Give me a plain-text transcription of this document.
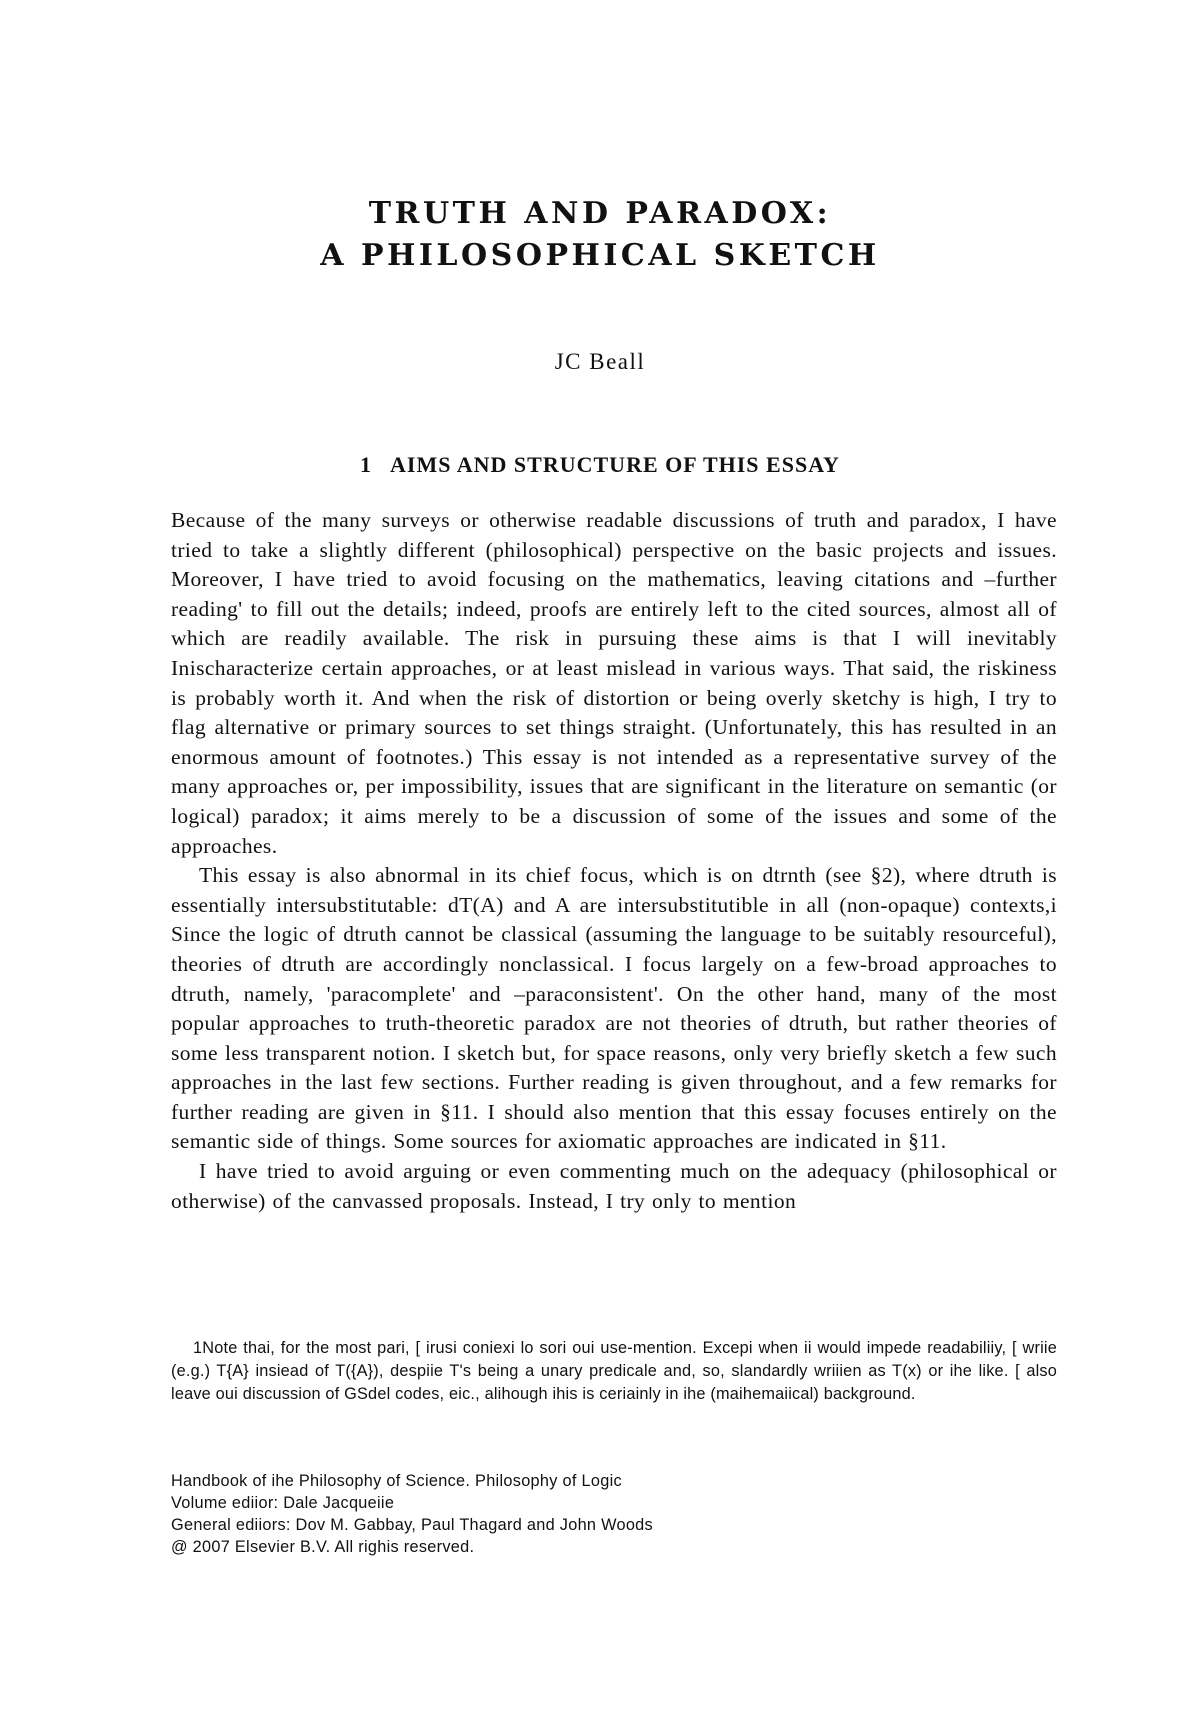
TRUTH AND PARADOX:
A PHILOSOPHICAL SKETCH

JC Beall

1 AIMS AND STRUCTURE OF THIS ESSAY

Because of the many surveys or otherwise readable discussions of truth and paradox, I have tried to take a slightly different (philosophical) perspective on the basic projects and issues. Moreover, I have tried to avoid focusing on the mathematics, leaving citations and –further reading' to fill out the details; indeed, proofs are entirely left to the cited sources, almost all of which are readily available. The risk in pursuing these aims is that I will inevitably Inischaracterize certain approaches, or at least mislead in various ways. That said, the riskiness is probably worth it. And when the risk of distortion or being overly sketchy is high, I try to flag alternative or primary sources to set things straight. (Unfortunately, this has resulted in an enormous amount of footnotes.) This essay is not intended as a representative survey of the many approaches or, per impossibility, issues that are significant in the literature on semantic (or logical) paradox; it aims merely to be a discussion of some of the issues and some of the approaches.

This essay is also abnormal in its chief focus, which is on dtrnth (see §2), where dtruth is essentially intersubstitutable: dT(A) and A are intersubstitutible in all (non-opaque) contexts,i Since the logic of dtruth cannot be classical (assuming the language to be suitably resourceful), theories of dtruth are accordingly nonclassical. I focus largely on a few-broad approaches to dtruth, namely, 'paracomplete' and –paraconsistent'. On the other hand, many of the most popular approaches to truth-theoretic paradox are not theories of dtruth, but rather theories of some less transparent notion. I sketch but, for space reasons, only very briefly sketch a few such approaches in the last few sections. Further reading is given throughout, and a few remarks for further reading are given in §11. I should also mention that this essay focuses entirely on the semantic side of things. Some sources for axiomatic approaches are indicated in §11.

I have tried to avoid arguing or even commenting much on the adequacy (philosophical or otherwise) of the canvassed proposals. Instead, I try only to mention

1Note thai, for the most pari, [ irusi coniexi lo sori oui use-mention. Excepi when ii would impede readabiliiy, [ wriie (e.g.) T{A} insiead of T({A}), despiie T's being a unary predicale and, so, slandardly wriiien as T(x) or ihe like. [ also leave oui discussion of GSdel codes, eic., alihough ihis is ceriainly in ihe (maihemaiical) background.

Handbook of ihe Philosophy of Science. Philosophy of Logic
Volume ediior: Dale Jacqueiie
General ediiors: Dov M. Gabbay, Paul Thagard and John Woods
@ 2007 Elsevier B.V. All righis reserved.
